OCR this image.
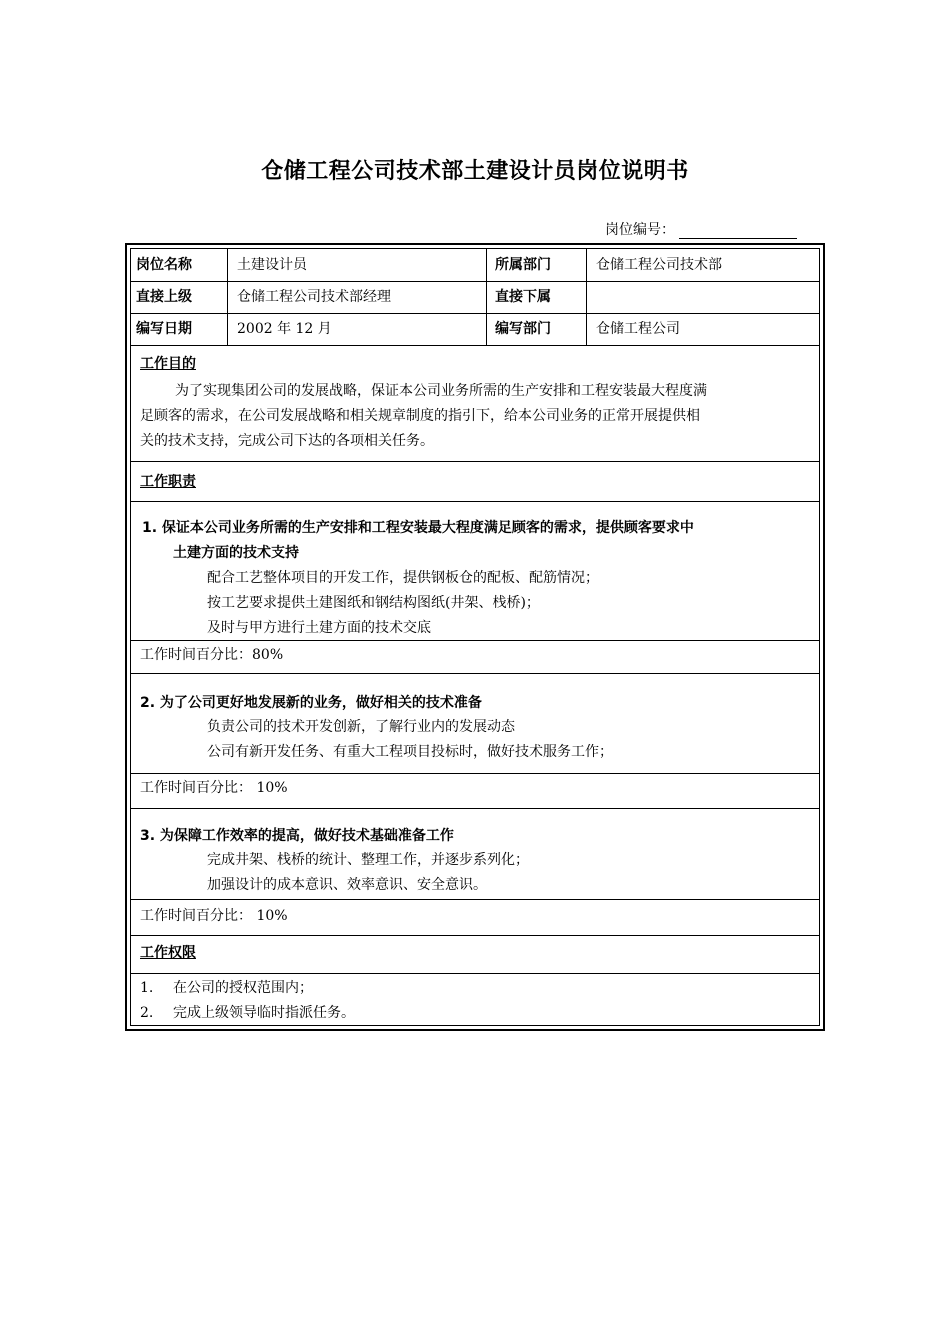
仓储工程公司技术部土建设计员岗位说明书
岗位编号：
岗位名称	土建设计员	所属部门	仓储工程公司技术部
直接上级	仓储工程公司技术部经理	直接下属
编写日期	2002 年 12 月	编写部门	仓储工程公司
工作目的
为了实现集团公司的发展战略，保证本公司业务所需的生产安排和工程安装最大程度满
足顾客的需求，在公司发展战略和相关规章制度的指引下，给本公司业务的正常开展提供相
关的技术支持，完成公司下达的各项相关任务。
工作职责
1. 保证本公司业务所需的生产安排和工程安装最大程度满足顾客的需求，提供顾客要求中
土建方面的技术支持
配合工艺整体项目的开发工作，提供钢板仓的配板、配筋情况；
按工艺要求提供土建图纸和钢结构图纸(井架、栈桥)；
及时与甲方进行土建方面的技术交底
工作时间百分比：80%
2. 为了公司更好地发展新的业务，做好相关的技术准备
负责公司的技术开发创新，了解行业内的发展动态
公司有新开发任务、有重大工程项目投标时，做好技术服务工作；
工作时间百分比： 10%
3. 为保障工作效率的提高，做好技术基础准备工作
完成井架、栈桥的统计、整理工作，并逐步系列化；
加强设计的成本意识、效率意识、安全意识。
工作时间百分比： 10%
工作权限
1. 在公司的授权范围内；
2. 完成上级领导临时指派任务。
